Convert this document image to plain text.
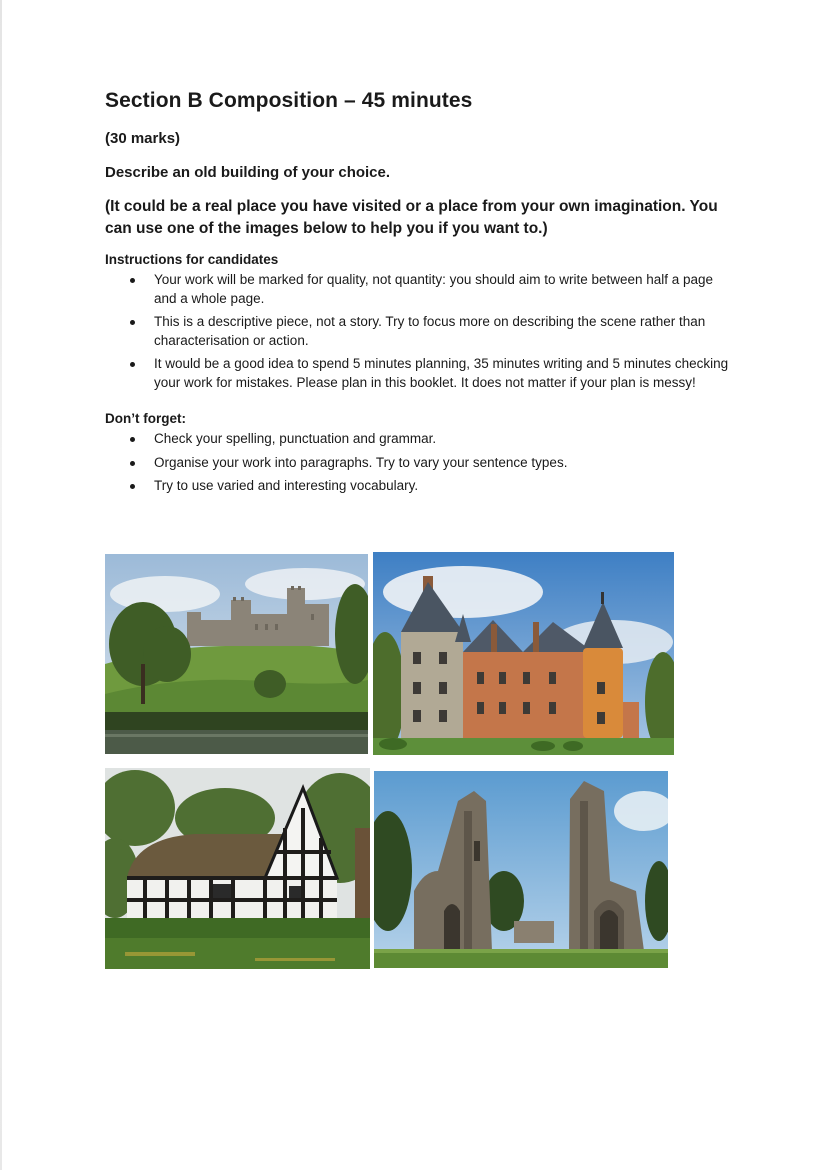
Section B Composition – 45 minutes
(30 marks)
Describe an old building of your choice.
(It could be a real place you have visited or a place from your own imagination. You can use one of the images below to help you if you want to.)
Instructions for candidates
Your work will be marked for quality, not quantity: you should aim to write between half a page and a whole page.
This is a descriptive piece, not a story. Try to focus more on describing the scene rather than characterisation or action.
It would be a good idea to spend 5 minutes planning, 35 minutes writing and 5 minutes checking your work for mistakes. Please plan in this booklet. It does not matter if your plan is messy!
Don’t forget:
Check your spelling, punctuation and grammar.
Organise your work into paragraphs. Try to vary your sentence types.
Try to use varied and interesting vocabulary.
